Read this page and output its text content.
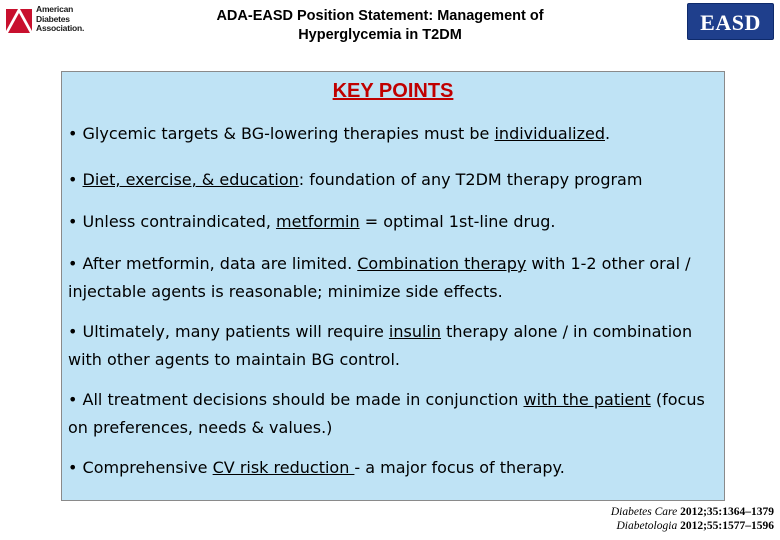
American
Diabetes
Association.
ADA-EASD Position Statement: Management of
Hyperglycemia in T2DM	EASD
KEY POINTS

• Glycemic targets & BG-lowering therapies must be individualized.

• Diet, exercise, & education: foundation of any T2DM therapy program

• Unless contraindicated, metformin = optimal 1st-line drug.

• After metformin, data are limited. Combination therapy with 1-2 other oral / injectable agents is reasonable; minimize side effects.

• Ultimately, many patients will require insulin therapy alone / in combination with other agents to maintain BG control.

• All treatment decisions should be made in conjunction with the patient (focus on preferences, needs & values.)

• Comprehensive CV risk reduction - a major focus of therapy.

Diabetes Care 2012;35:1364–1379
Diabetologia 2012;55:1577–1596
